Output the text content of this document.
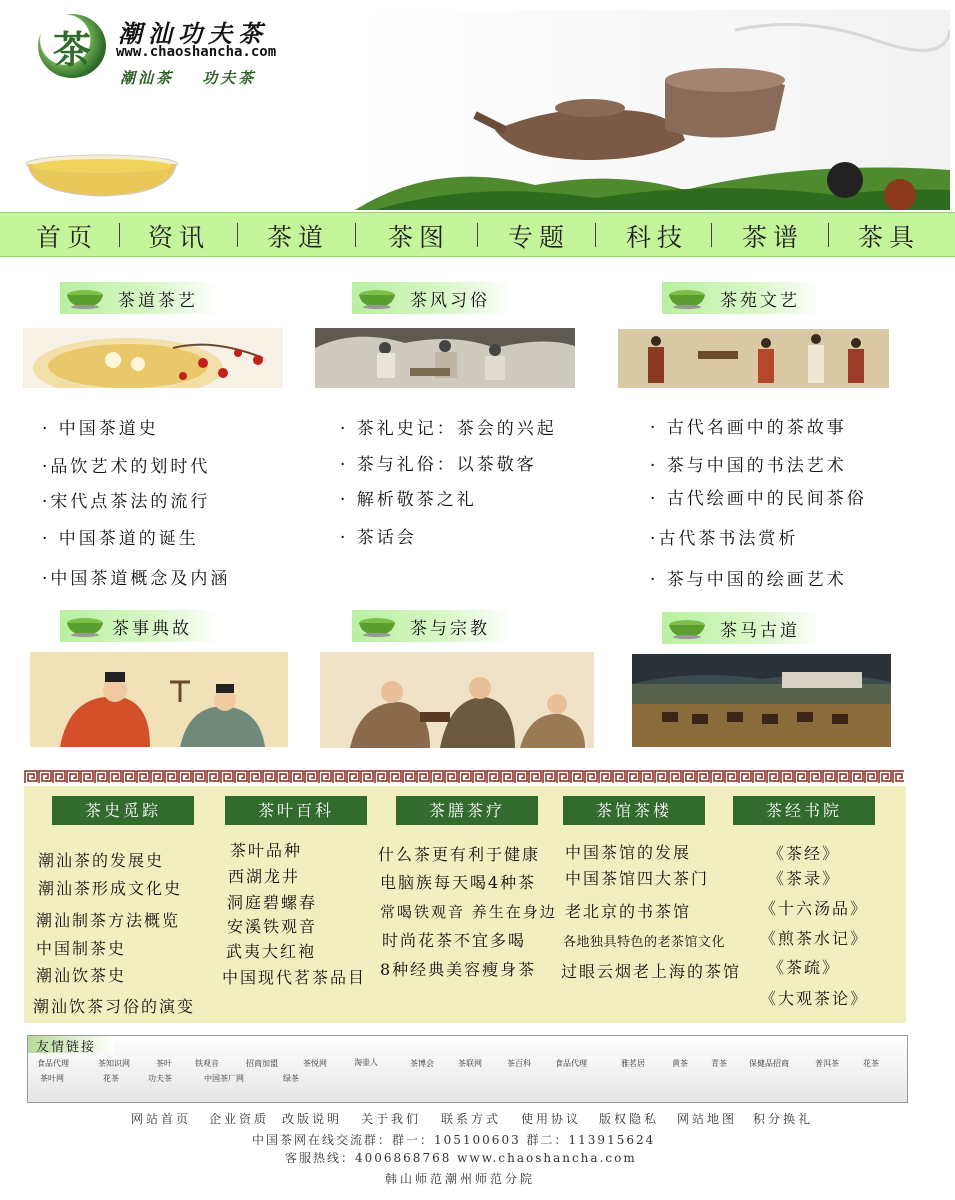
茶 潮汕功夫茶
www.chaoshancha.com
潮汕茶 功夫茶
首页 资讯 茶道 茶图 专题 科技 茶谱 茶具
茶道茶艺	茶风习俗	茶苑文艺
· 中国茶道史
·品饮艺术的划时代
·宋代点茶法的流行
· 中国茶道的诞生
·中国茶道概念及内涵
· 茶礼史记：茶会的兴起
· 茶与礼俗：以茶敬客
· 解析敬茶之礼
· 茶话会
· 古代名画中的茶故事
· 茶与中国的书法艺术
· 古代绘画中的民间茶俗
·古代茶书法赏析
· 茶与中国的绘画艺术
茶事典故	茶与宗教	茶马古道
茶史觅踪	茶叶百科	茶膳茶疗	茶馆茶楼	茶经书院
潮汕茶的发展史
潮汕茶形成文化史
潮汕制茶方法概览
中国制茶史
潮汕饮茶史
潮汕饮茶习俗的演变
茶叶品种
西湖龙井
洞庭碧螺春
安溪铁观音
武夷大红袍
中国现代茗茶品目
什么茶更有利于健康
电脑族每天喝4种茶
常喝铁观音 养生在身边
时尚花茶不宜多喝
8种经典美容瘦身茶
中国茶馆的发展
中国茶馆四大茶门
老北京的书茶馆
各地独具特色的老茶馆文化
过眼云烟老上海的茶馆
《茶经》
《茶录》
《十六汤品》
《煎茶水记》
《茶疏》
《大观茶论》
友情链接
食品代理	茶知识网	茶叶	铁观音	招商加盟	茶悦网	淘壶人	茶博会	茶联网	茶百科	食品代理	雅茗居	黄茶	青茶	保健品招商	普洱茶	花茶
茶叶网	花茶	功夫茶	中国茶厂网	绿茶
网站首页 企业资质 改版说明 关于我们 联系方式 使用协议 版权隐私 网站地图 积分换礼
中国茶网在线交流群：群一：105100603 群二：113915624
客服热线：4006868768 www.chaoshancha.com
韩山师范潮州师范分院
